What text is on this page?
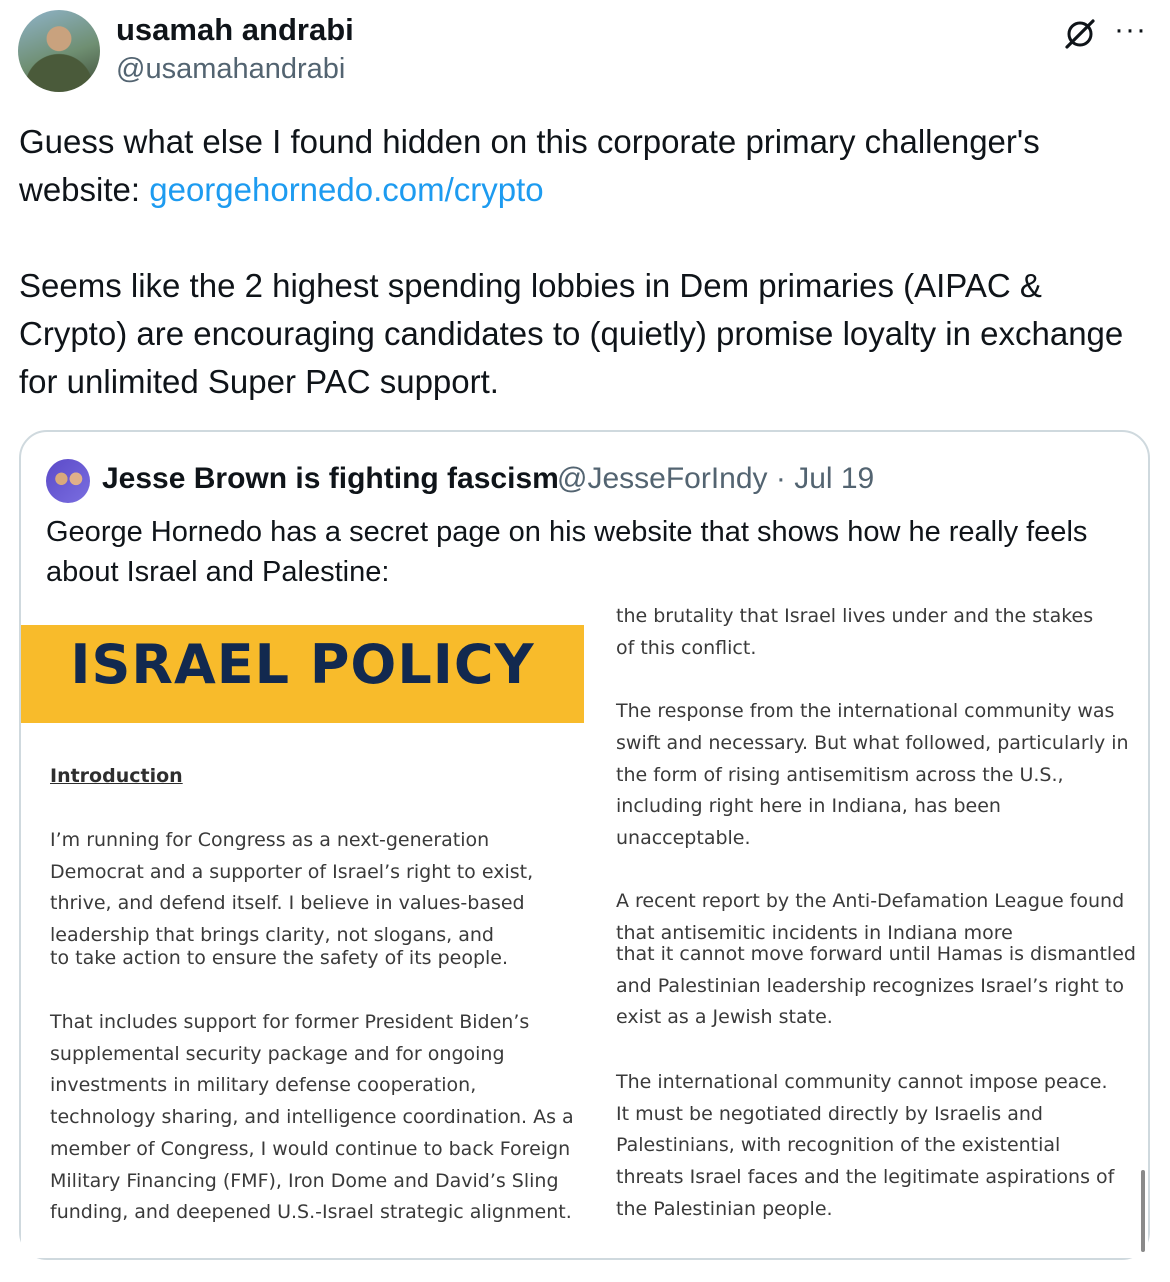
usamah andrabi
@usamahandrabi
···

Guess what else I found hidden on this corporate primary challenger's website: georgehornedo.com/crypto

Seems like the 2 highest spending lobbies in Dem primaries (AIPAC & Crypto) are encouraging candidates to (quietly) promise loyalty in exchange for unlimited Super PAC support.

Jesse Brown is fighting fascism
@JesseForIndy · Jul 19
George Hornedo has a secret page on his website that shows how he really feels about Israel and Palestine:
ISRAEL POLICY
Introduction
I’m running for Congress as a next-generation Democrat and a supporter of Israel’s right to exist, thrive, and defend itself. I believe in values-based leadership that brings clarity, not slogans, and
to take action to ensure the safety of its people.
That includes support for former President Biden’s supplemental security package and for ongoing investments in military defense cooperation, technology sharing, and intelligence coordination. As a member of Congress, I would continue to back Foreign Military Financing (FMF), Iron Dome and David’s Sling funding, and deepened U.S.-Israel strategic alignment.
the brutality that Israel lives under and the stakes
of this conflict.
The response from the international community was swift and necessary. But what followed, particularly in the form of rising antisemitism across the U.S., including right here in Indiana, has been unacceptable.
A recent report by the Anti-Defamation League found that antisemitic incidents in Indiana more
that it cannot move forward until Hamas is dismantled and Palestinian leadership recognizes Israel’s right to exist as a Jewish state.
The international community cannot impose peace. It must be negotiated directly by Israelis and Palestinians, with recognition of the existential threats Israel faces and the legitimate aspirations of the Palestinian people.
